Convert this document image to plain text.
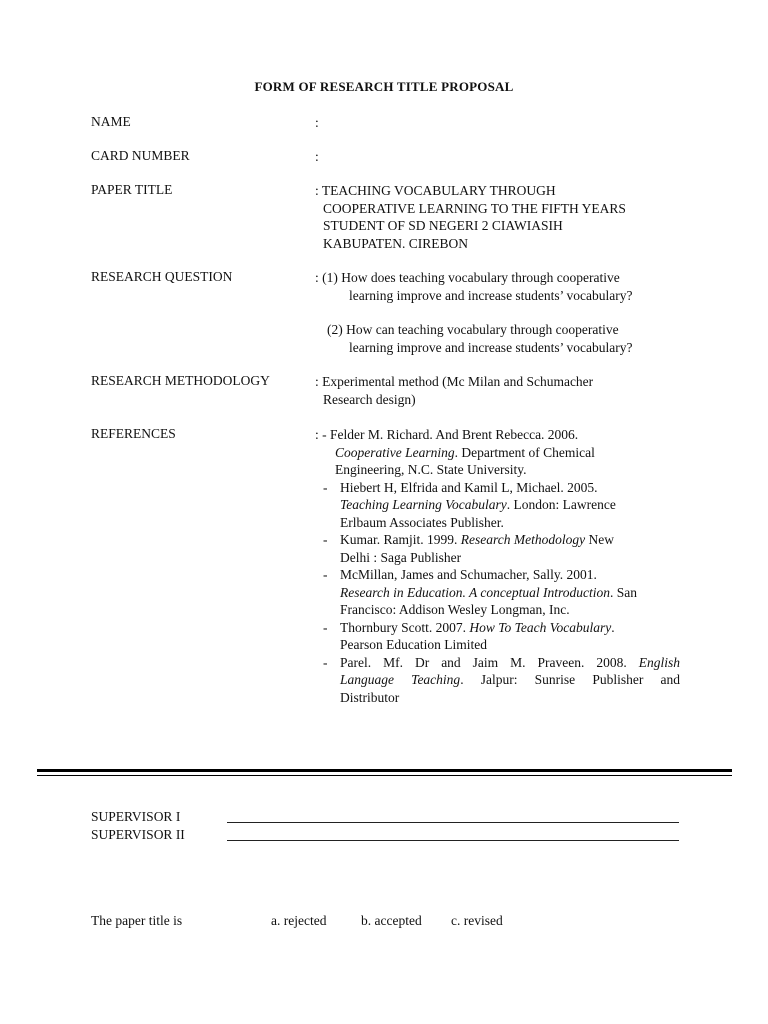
FORM OF RESEARCH TITLE PROPOSAL
NAME	:
CARD NUMBER	:
PAPER TITLE	: TEACHING VOCABULARY THROUGH
COOPERATIVE LEARNING TO THE FIFTH YEARS
STUDENT OF SD NEGERI 2 CIAWIASIH
KABUPATEN. CIREBON
RESEARCH QUESTION	: (1) How does teaching vocabulary through cooperative
learning improve and increase students’ vocabulary?
(2) How can teaching vocabulary through cooperative
learning improve and increase students’ vocabulary?
RESEARCH METHODOLOGY	: Experimental method (Mc Milan and Schumacher
Research design)
REFERENCES	: - Felder M. Richard. And Brent Rebecca. 2006.
Cooperative Learning. Department of Chemical
Engineering, N.C. State University.
- Hiebert H, Elfrida and Kamil L, Michael. 2005.
Teaching Learning Vocabulary. London: Lawrence
Erlbaum Associates Publisher.
- Kumar. Ramjit. 1999. Research Methodology New
Delhi : Saga Publisher
- McMillan, James and Schumacher, Sally. 2001.
Research in Education. A conceptual Introduction. San
Francisco: Addison Wesley Longman, Inc.
- Thornbury Scott. 2007. How To Teach Vocabulary.
Pearson Education Limited
- Parel. Mf. Dr and Jaim M. Praveen. 2008. English
Language Teaching. Jalpur: Sunrise Publisher and
Distributor
SUPERVISOR I
SUPERVISOR II
The paper title is	a. rejected	b. accepted c. revised
